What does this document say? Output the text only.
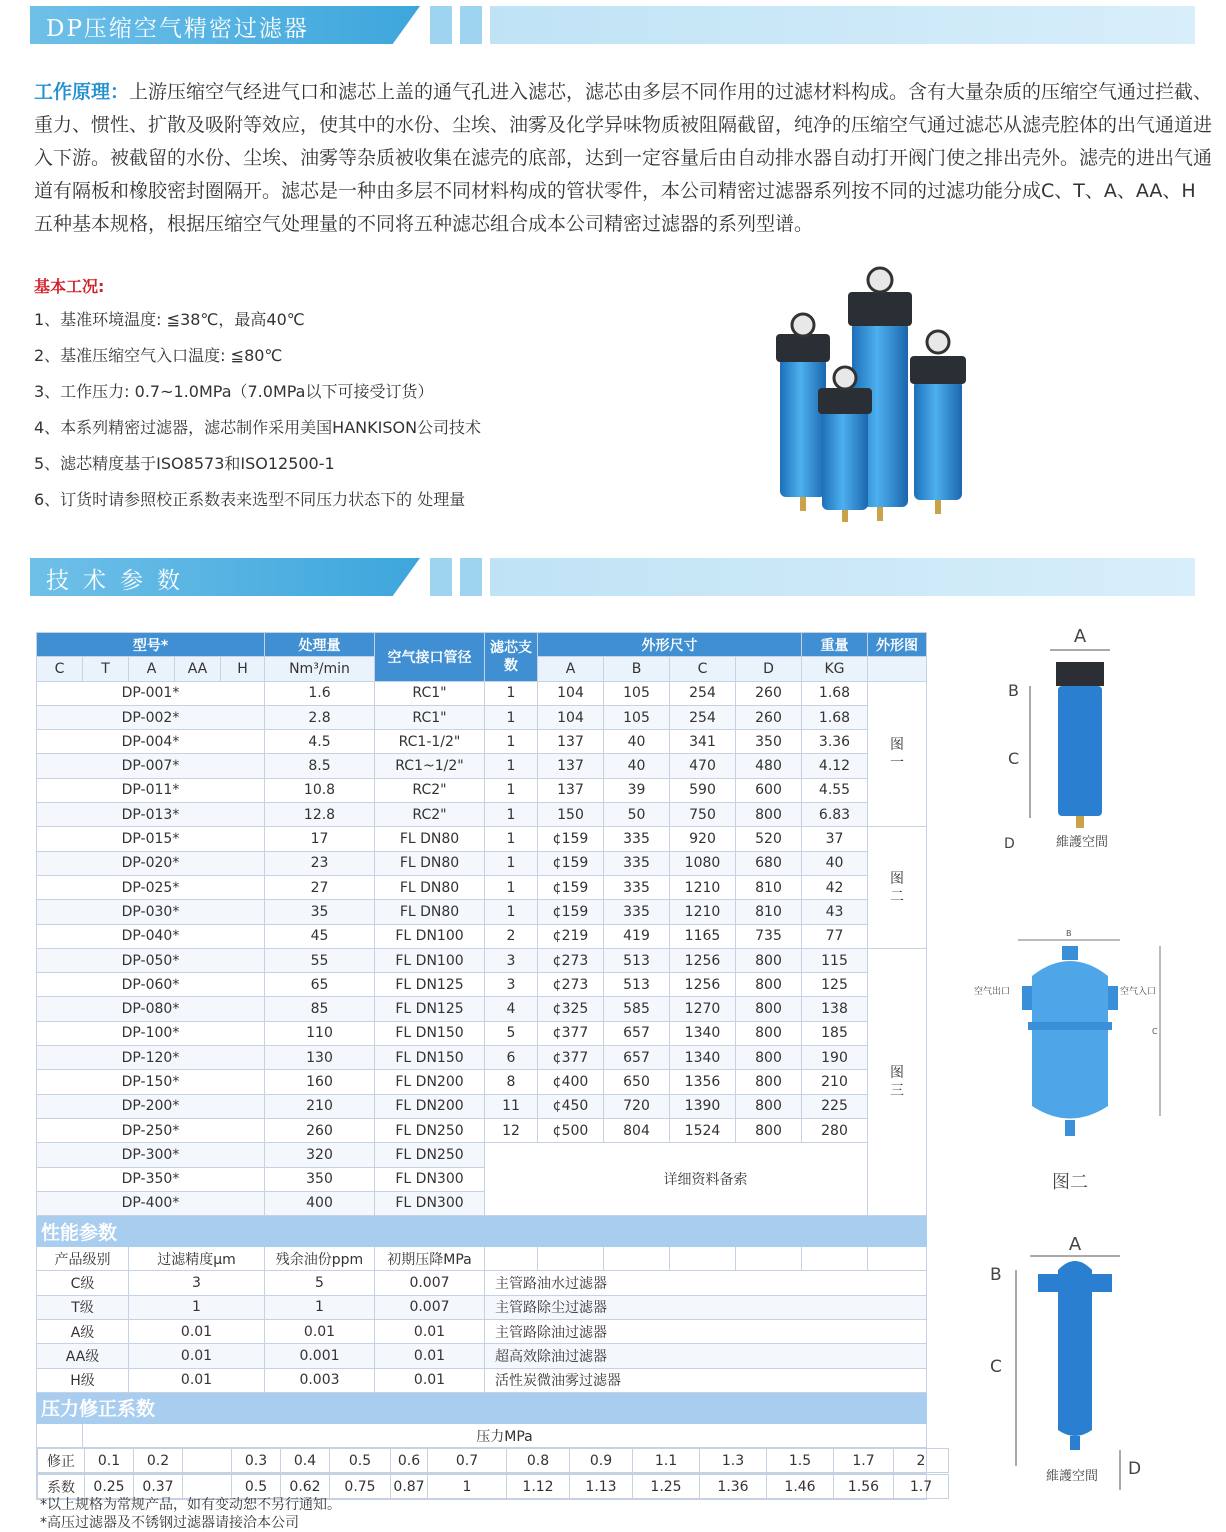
DP压缩空气精密过滤器
工作原理：上游压缩空气经进气口和滤芯上盖的通气孔进入滤芯，滤芯由多层不同作用的过滤材料构成。含有大量杂质的压缩空气通过拦截、重力、惯性、扩散及吸附等效应，使其中的水份、尘埃、油雾及化学异味物质被阻隔截留，纯净的压缩空气通过滤芯从滤壳腔体的出气通道进入下游。被截留的水份、尘埃、油雾等杂质被收集在滤壳的底部，达到一定容量后由自动排水器自动打开阀门使之排出壳外。滤壳的进出气通道有隔板和橡胶密封圈隔开。滤芯是一种由多层不同材料构成的管状零件，本公司精密过滤器系列按不同的过滤功能分成C、T、A、AA、H五种基本规格，根据压缩空气处理量的不同将五种滤芯组合成本公司精密过滤器的系列型谱。
基本工况:
1、基准环境温度: ≦38℃，最高40℃
2、基准压缩空气入口温度: ≦80℃
3、工作压力: 0.7~1.0MPa（7.0MPa以下可接受订货）
4、本系列精密过滤器，滤芯制作采用美国HANKISON公司技术
5、滤芯精度基于ISO8573和ISO12500-1
6、订货时请参照校正系数表来选型不同压力状态下的 处理量
技术参数
型号*	处理量	空气接口管径	滤芯支数	外形尺寸	重量	外形图
C	T	A	AA	H	Nm³/min	A	B	C	D	KG	
DP-001*	1.6	RC1"	1	104	105	254	260	1.68	图一
DP-002*	2.8	RC1"	1	104	105	254	260	1.68
DP-004*	4.5	RC1-1/2"	1	137	40	341	350	3.36
DP-007*	8.5	RC1~1/2"	1	137	40	470	480	4.12
DP-011*	10.8	RC2"	1	137	39	590	600	4.55
DP-013*	12.8	RC2"	1	150	50	750	800	6.83
DP-015*	17	FL DN80	1	¢159	335	920	520	37	图二
DP-020*	23	FL DN80	1	¢159	335	1080	680	40
DP-025*	27	FL DN80	1	¢159	335	1210	810	42
DP-030*	35	FL DN80	1	¢159	335	1210	810	43
DP-040*	45	FL DN100	2	¢219	419	1165	735	77
DP-050*	55	FL DN100	3	¢273	513	1256	800	115	图三
DP-060*	65	FL DN125	3	¢273	513	1256	800	125
DP-080*	85	FL DN125	4	¢325	585	1270	800	138
DP-100*	110	FL DN150	5	¢377	657	1340	800	185
DP-120*	130	FL DN150	6	¢377	657	1340	800	190
DP-150*	160	FL DN200	8	¢400	650	1356	800	210
DP-200*	210	FL DN200	11	¢450	720	1390	800	225
DP-250*	260	FL DN250	12	¢500	804	1524	800	280
DP-300*	320	FL DN250	详细资料备索
DP-350*	350	FL DN300
DP-400*	400	FL DN300
性能参数
产品级别	过滤精度μm	残余油份ppm	初期压降MPa							
C级	3	5	0.007	主管路油水过滤器
T级	1	1	0.007	主管路除尘过滤器
A级	0.01	0.01	0.01	主管路除油过滤器
AA级	0.01	0.001	0.01	超高效除油过滤器
H级	0.01	0.003	0.01	活性炭微油雾过滤器
压力修正系数
	压力MPa

修正	0.1	0.2		0.3	0.4	0.5	0.6	0.7	0.8	0.9	1.1	1.3	1.5	1.7	2

系数	0.25	0.37		0.5	0.62	0.75	0.87	1	1.12	1.13	1.25	1.36	1.46	1.56	1.7
*以上规格为常规产品，如有变动恕不另行通知。
*高压过滤器及不锈钢过滤器请接洽本公司
A
B
C
D	維護空間
B
空气出口	空气入口
C
图二
A
B
C
D
維護空間
